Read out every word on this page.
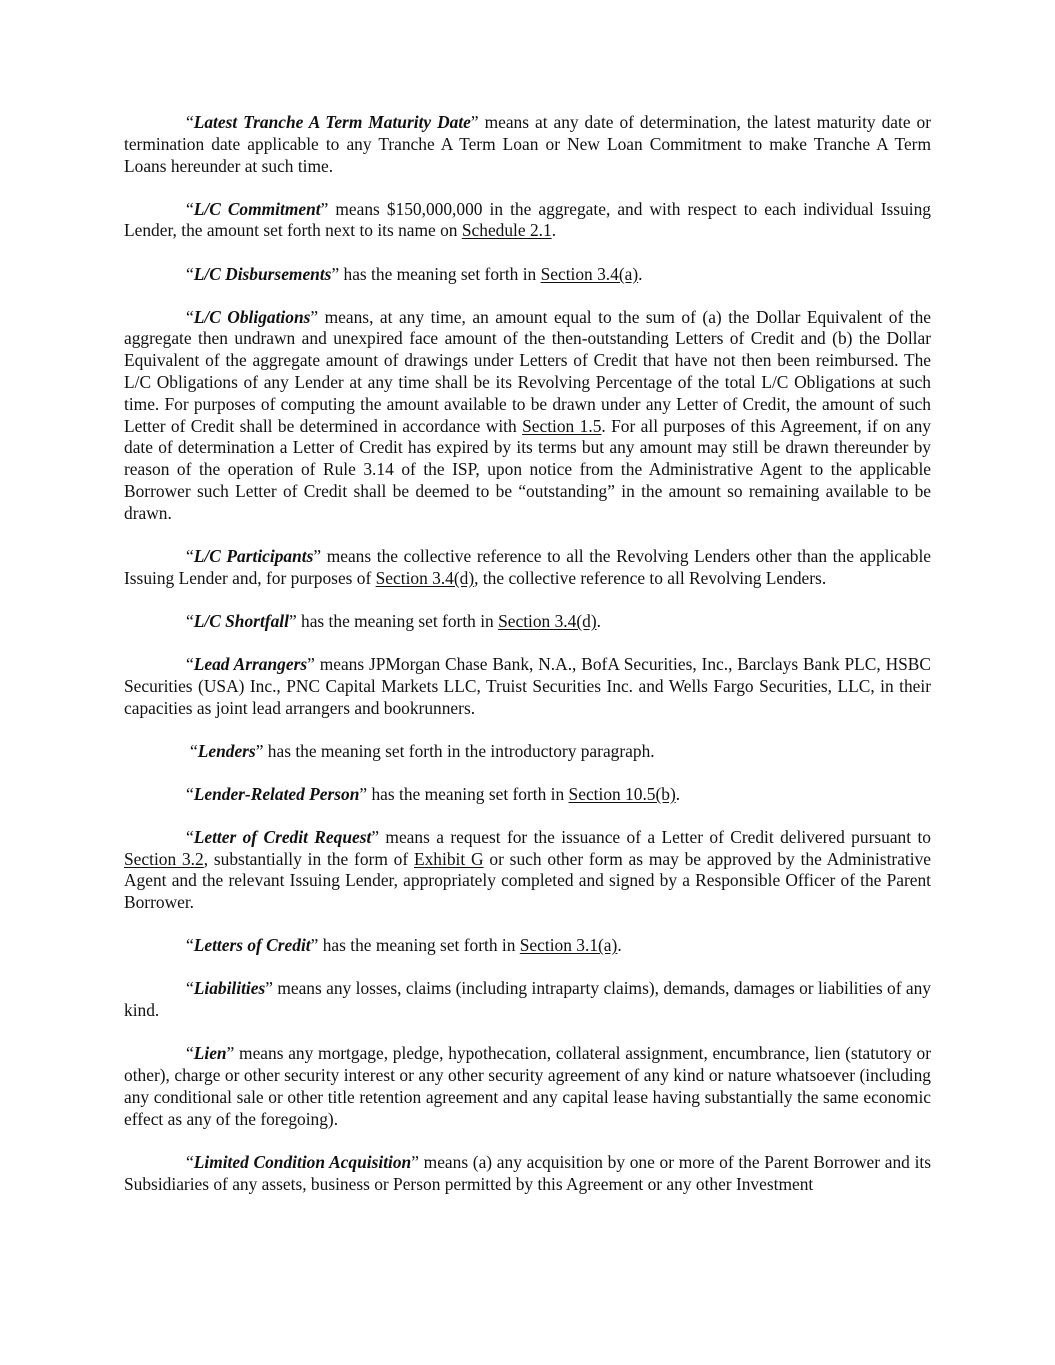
“Latest Tranche A Term Maturity Date” means at any date of determination, the latest maturity date or termination date applicable to any Tranche A Term Loan or New Loan Commitment to make Tranche A Term Loans hereunder at such time.

“L/C Commitment” means $150,000,000 in the aggregate, and with respect to each individual Issuing Lender, the amount set forth next to its name on Schedule 2.1.

“L/C Disbursements” has the meaning set forth in Section 3.4(a).

“L/C Obligations” means, at any time, an amount equal to the sum of (a) the Dollar Equivalent of the aggregate then undrawn and unexpired face amount of the then-outstanding Letters of Credit and (b) the Dollar Equivalent of the aggregate amount of drawings under Letters of Credit that have not then been reimbursed. The L/C Obligations of any Lender at any time shall be its Revolving Percentage of the total L/C Obligations at such time. For purposes of computing the amount available to be drawn under any Letter of Credit, the amount of such Letter of Credit shall be determined in accordance with Section 1.5. For all purposes of this Agreement, if on any date of determination a Letter of Credit has expired by its terms but any amount may still be drawn thereunder by reason of the operation of Rule 3.14 of the ISP, upon notice from the Administrative Agent to the applicable Borrower such Letter of Credit shall be deemed to be “outstanding” in the amount so remaining available to be drawn.

“L/C Participants” means the collective reference to all the Revolving Lenders other than the applicable Issuing Lender and, for purposes of Section 3.4(d), the collective reference to all Revolving Lenders.

“L/C Shortfall” has the meaning set forth in Section 3.4(d).

“Lead Arrangers” means JPMorgan Chase Bank, N.A., BofA Securities, Inc., Barclays Bank PLC, HSBC Securities (USA) Inc., PNC Capital Markets LLC, Truist Securities Inc. and Wells Fargo Securities, LLC, in their capacities as joint lead arrangers and bookrunners.

“Lenders” has the meaning set forth in the introductory paragraph.

“Lender-Related Person” has the meaning set forth in Section 10.5(b).

“Letter of Credit Request” means a request for the issuance of a Letter of Credit delivered pursuant to Section 3.2, substantially in the form of Exhibit G or such other form as may be approved by the Administrative Agent and the relevant Issuing Lender, appropriately completed and signed by a Responsible Officer of the Parent Borrower.

“Letters of Credit” has the meaning set forth in Section 3.1(a).

“Liabilities” means any losses, claims (including intraparty claims), demands, damages or liabilities of any kind.

“Lien” means any mortgage, pledge, hypothecation, collateral assignment, encumbrance, lien (statutory or other), charge or other security interest or any other security agreement of any kind or nature whatsoever (including any conditional sale or other title retention agreement and any capital lease having substantially the same economic effect as any of the foregoing).

“Limited Condition Acquisition” means (a) any acquisition by one or more of the Parent Borrower and its Subsidiaries of any assets, business or Person permitted by this Agreement or any other Investment
